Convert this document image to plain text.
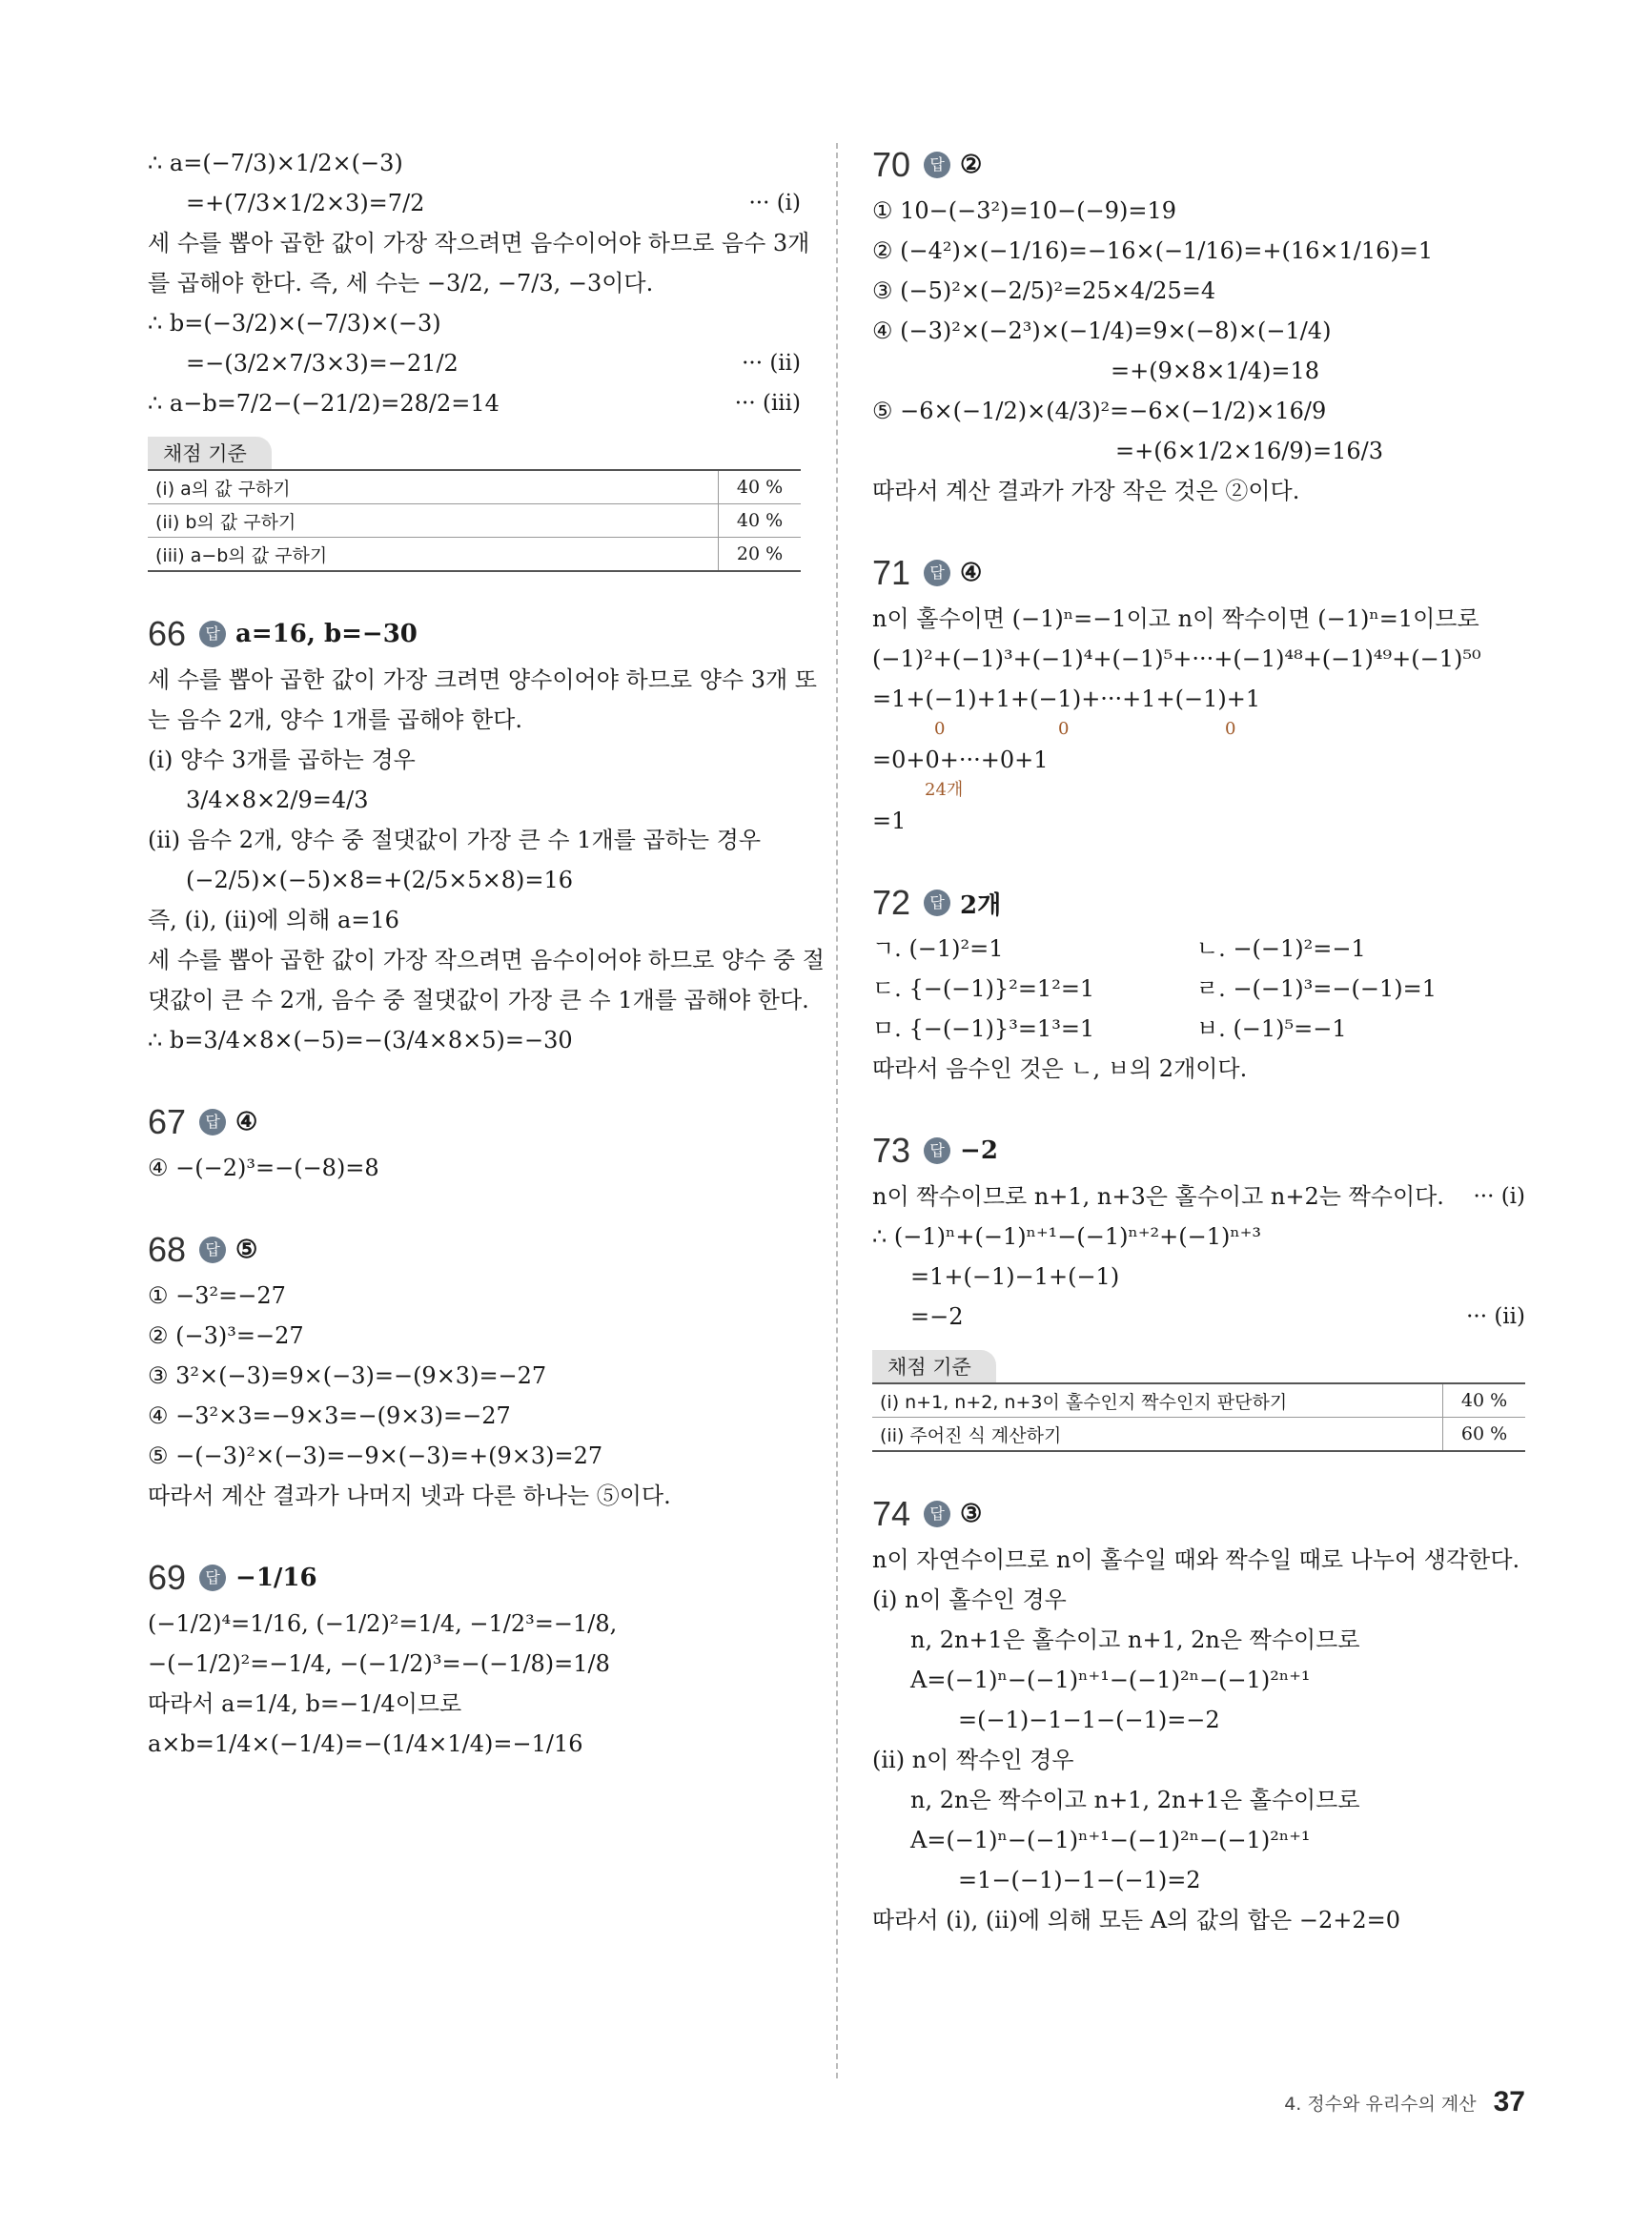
∴ a=(−7/3)×1/2×(−3)
=+(7/3×1/2×3)=7/2	··· (i)
세 수를 뽑아 곱한 값이 가장 작으려면 음수이어야 하므로 음수 3개
를 곱해야 한다. 즉, 세 수는 −3/2, −7/3, −3이다.
∴ b=(−3/2)×(−7/3)×(−3)
=−(3/2×7/3×3)=−21/2	··· (ii)
∴ a−b=7/2−(−21/2)=28/2=14	··· (iii)
채점 기준
(i) a의 값 구하기	40 %
(ii) b의 값 구하기	40 %
(iii) a−b의 값 구하기	20 %
66	답 a=16, b=−30
세 수를 뽑아 곱한 값이 가장 크려면 양수이어야 하므로 양수 3개 또
는 음수 2개, 양수 1개를 곱해야 한다.
(i) 양수 3개를 곱하는 경우
3/4×8×2/9=4/3
(ii) 음수 2개, 양수 중 절댓값이 가장 큰 수 1개를 곱하는 경우
(−2/5)×(−5)×8=+(2/5×5×8)=16
즉, (i), (ii)에 의해 a=16
세 수를 뽑아 곱한 값이 가장 작으려면 음수이어야 하므로 양수 중 절
댓값이 큰 수 2개, 음수 중 절댓값이 가장 큰 수 1개를 곱해야 한다.
∴ b=3/4×8×(−5)=−(3/4×8×5)=−30
67	답 ④
④ −(−2)³=−(−8)=8
68	답 ⑤
① −3²=−27
② (−3)³=−27
③ 3²×(−3)=9×(−3)=−(9×3)=−27
④ −3²×3=−9×3=−(9×3)=−27
⑤ −(−3)²×(−3)=−9×(−3)=+(9×3)=27
따라서 계산 결과가 나머지 넷과 다른 하나는 ⑤이다.
69	답 −1/16
(−1/2)⁴=1/16, (−1/2)²=1/4, −1/2³=−1/8,
−(−1/2)²=−1/4, −(−1/2)³=−(−1/8)=1/8
따라서 a=1/4, b=−1/4이므로
a×b=1/4×(−1/4)=−(1/4×1/4)=−1/16
70	답 ②
① 10−(−3²)=10−(−9)=19
② (−4²)×(−1/16)=−16×(−1/16)=+(16×1/16)=1
③ (−5)²×(−2/5)²=25×4/25=4
④ (−3)²×(−2³)×(−1/4)=9×(−8)×(−1/4)
=+(9×8×1/4)=18
⑤ −6×(−1/2)×(4/3)²=−6×(−1/2)×16/9
=+(6×1/2×16/9)=16/3
따라서 계산 결과가 가장 작은 것은 ②이다.
71	답 ④
n이 홀수이면 (−1)ⁿ=−1이고 n이 짝수이면 (−1)ⁿ=1이므로
(−1)²+(−1)³+(−1)⁴+(−1)⁵+···+(−1)⁴⁸+(−1)⁴⁹+(−1)⁵⁰
=1+(−1)+1+(−1)+···+1+(−1)+1
0	0	0

=0+0+···+0+1
24개

=1
72	답 2개
ㄱ. (−1)²=1	ㄴ. −(−1)²=−1
ㄷ. {−(−1)}²=1²=1	ㄹ. −(−1)³=−(−1)=1
ㅁ. {−(−1)}³=1³=1	ㅂ. (−1)⁵=−1
따라서 음수인 것은 ㄴ, ㅂ의 2개이다.
73	답 −2
n이 짝수이므로 n+1, n+3은 홀수이고 n+2는 짝수이다. ··· (i)
∴ (−1)ⁿ+(−1)ⁿ⁺¹−(−1)ⁿ⁺²+(−1)ⁿ⁺³
=1+(−1)−1+(−1)
=−2	··· (ii)
채점 기준
(i) n+1, n+2, n+3이 홀수인지 짝수인지 판단하기	40 %
(ii) 주어진 식 계산하기	60 %
74	답 ③
n이 자연수이므로 n이 홀수일 때와 짝수일 때로 나누어 생각한다.
(i) n이 홀수인 경우
n, 2n+1은 홀수이고 n+1, 2n은 짝수이므로
A=(−1)ⁿ−(−1)ⁿ⁺¹−(−1)²ⁿ−(−1)²ⁿ⁺¹
=(−1)−1−1−(−1)=−2
(ii) n이 짝수인 경우
n, 2n은 짝수이고 n+1, 2n+1은 홀수이므로
A=(−1)ⁿ−(−1)ⁿ⁺¹−(−1)²ⁿ−(−1)²ⁿ⁺¹
=1−(−1)−1−(−1)=2
따라서 (i), (ii)에 의해 모든 A의 값의 합은 −2+2=0
4. 정수와 유리수의 계산 37
